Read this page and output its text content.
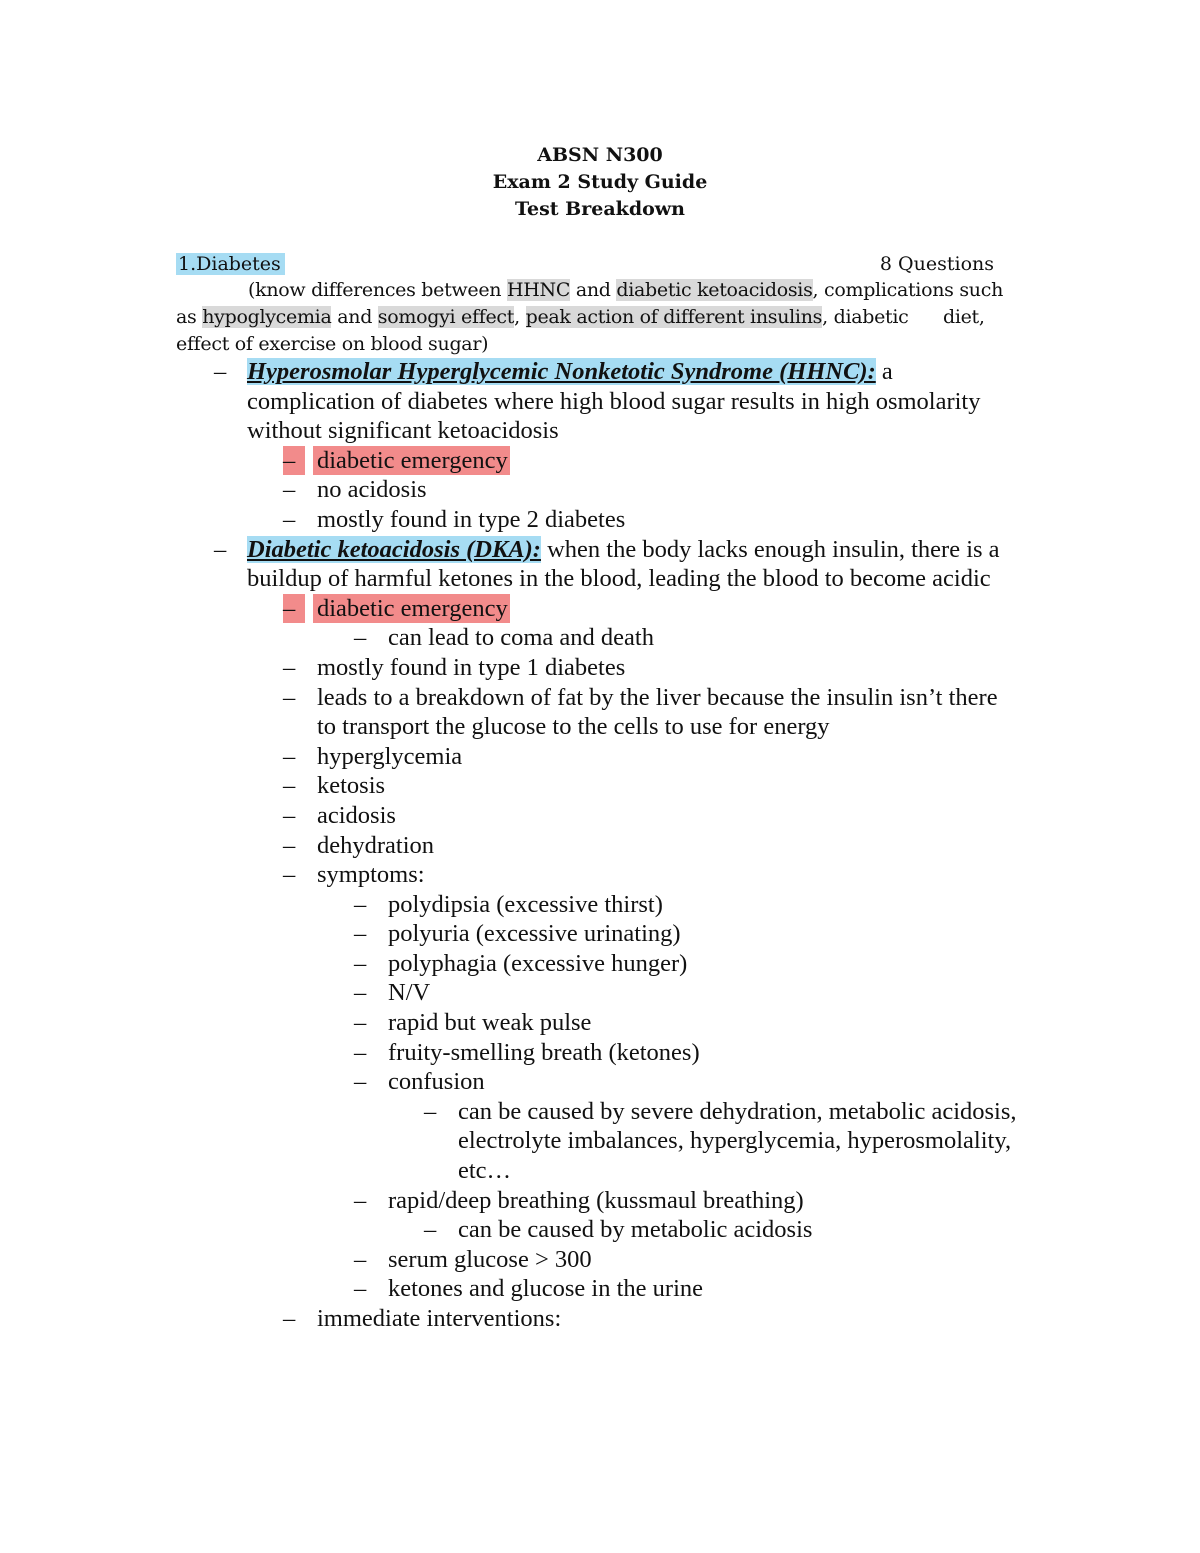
ABSN N300
Exam 2 Study Guide
Test Breakdown
1.Diabetes	8 Questions
(know differences between HHNC and diabetic ketoacidosis, complications such
as hypoglycemia and somogyi effect, peak action of different insulins, diabetic      diet,
effect of exercise on blood sugar)
– Hyperosmolar Hyperglycemic Nonketotic Syndrome (HHNC): a complication of diabetes where high blood sugar results in high osmolarity without significant ketoacidosis
– diabetic emergency
– no acidosis
– mostly found in type 2 diabetes
– Diabetic ketoacidosis (DKA): when the body lacks enough insulin, there is a buildup of harmful ketones in the blood, leading the blood to become acidic
– diabetic emergency
– can lead to coma and death
– mostly found in type 1 diabetes
– leads to a breakdown of fat by the liver because the insulin isn’t there to transport the glucose to the cells to use for energy
– hyperglycemia
– ketosis
– acidosis
– dehydration
– symptoms:
– polydipsia (excessive thirst)
– polyuria (excessive urinating)
– polyphagia (excessive hunger)
– N/V
– rapid but weak pulse
– fruity-smelling breath (ketones)
– confusion
– can be caused by severe dehydration, metabolic acidosis, electrolyte imbalances, hyperglycemia, hyperosmolality, etc…
– rapid/deep breathing (kussmaul breathing)
– can be caused by metabolic acidosis
– serum glucose > 300
– ketones and glucose in the urine
– immediate interventions:
